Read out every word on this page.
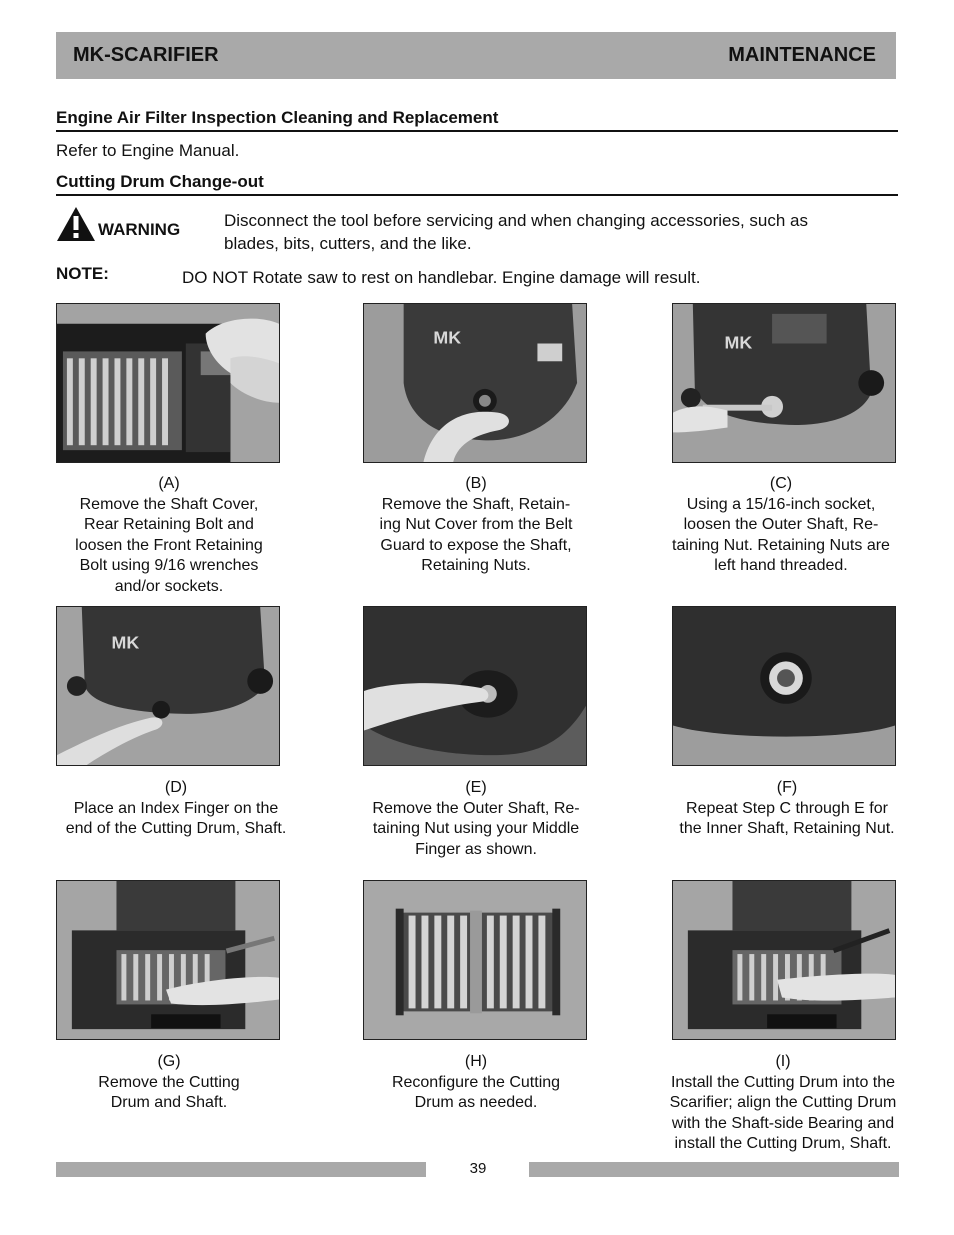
MK-SCARIFIER	MAINTENANCE
Engine Air Filter Inspection Cleaning and Replacement
Refer to Engine Manual.
Cutting Drum Change-out
WARNING	Disconnect the tool before servicing and when changing accessories, such as
blades, bits, cutters, and the like.
NOTE:	DO NOT Rotate saw to rest on handlebar. Engine damage will result.
MK	MK
(A)
Remove the Shaft Cover,
Rear Retaining Bolt and
loosen the Front Retaining
Bolt using 9/16 wrenches
and/or sockets.
(B)
Remove the Shaft, Retain-
ing Nut Cover from the Belt
Guard to expose the Shaft,
Retaining Nuts.
(C)
Using a 15/16-inch socket,
loosen the Outer Shaft, Re-
taining Nut. Retaining Nuts are
left hand threaded.
MK
(D)
Place an Index Finger on the
end of the Cutting Drum, Shaft.
(E)
Remove the Outer Shaft, Re-
taining Nut using your Middle
Finger as shown.
(F)
Repeat Step C through E for
the Inner Shaft, Retaining Nut.
(G)
Remove the Cutting
Drum and Shaft.
(H)
Reconfigure the Cutting
Drum as needed.
(I)
Install the Cutting Drum into the
Scarifier; align the Cutting Drum
with the Shaft-side Bearing and
install the Cutting Drum, Shaft.
39
